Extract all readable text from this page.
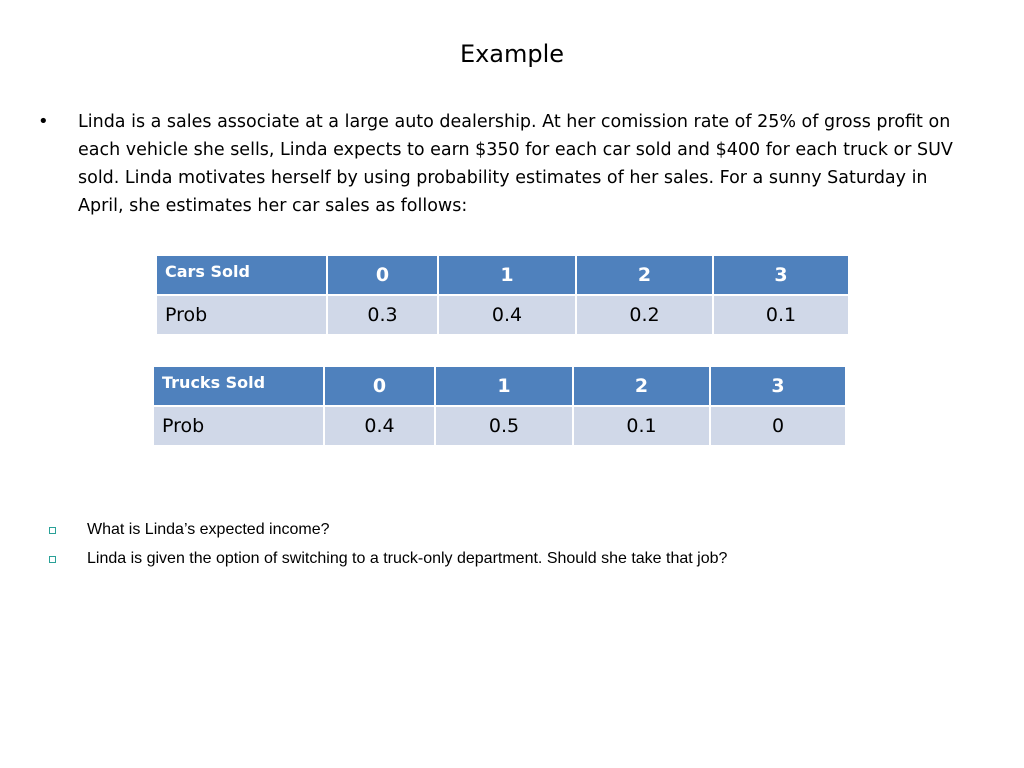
Example
• Linda is a sales associate at a large auto dealership. At her comission rate of 25% of gross profit on each vehicle she sells, Linda expects to earn $350 for each car sold and $400 for each truck or SUV sold. Linda motivates herself by using probability estimates of her sales. For a sunny Saturday in April, she estimates her car sales as follows:
Cars Sold	0	1	2	3
Prob	0.3	0.4	0.2	0.1
Trucks Sold	0	1	2	3
Prob	0.4	0.5	0.1	0
What is Linda’s expected income?
Linda is given the option of switching to a truck-only department. Should she take that job?
